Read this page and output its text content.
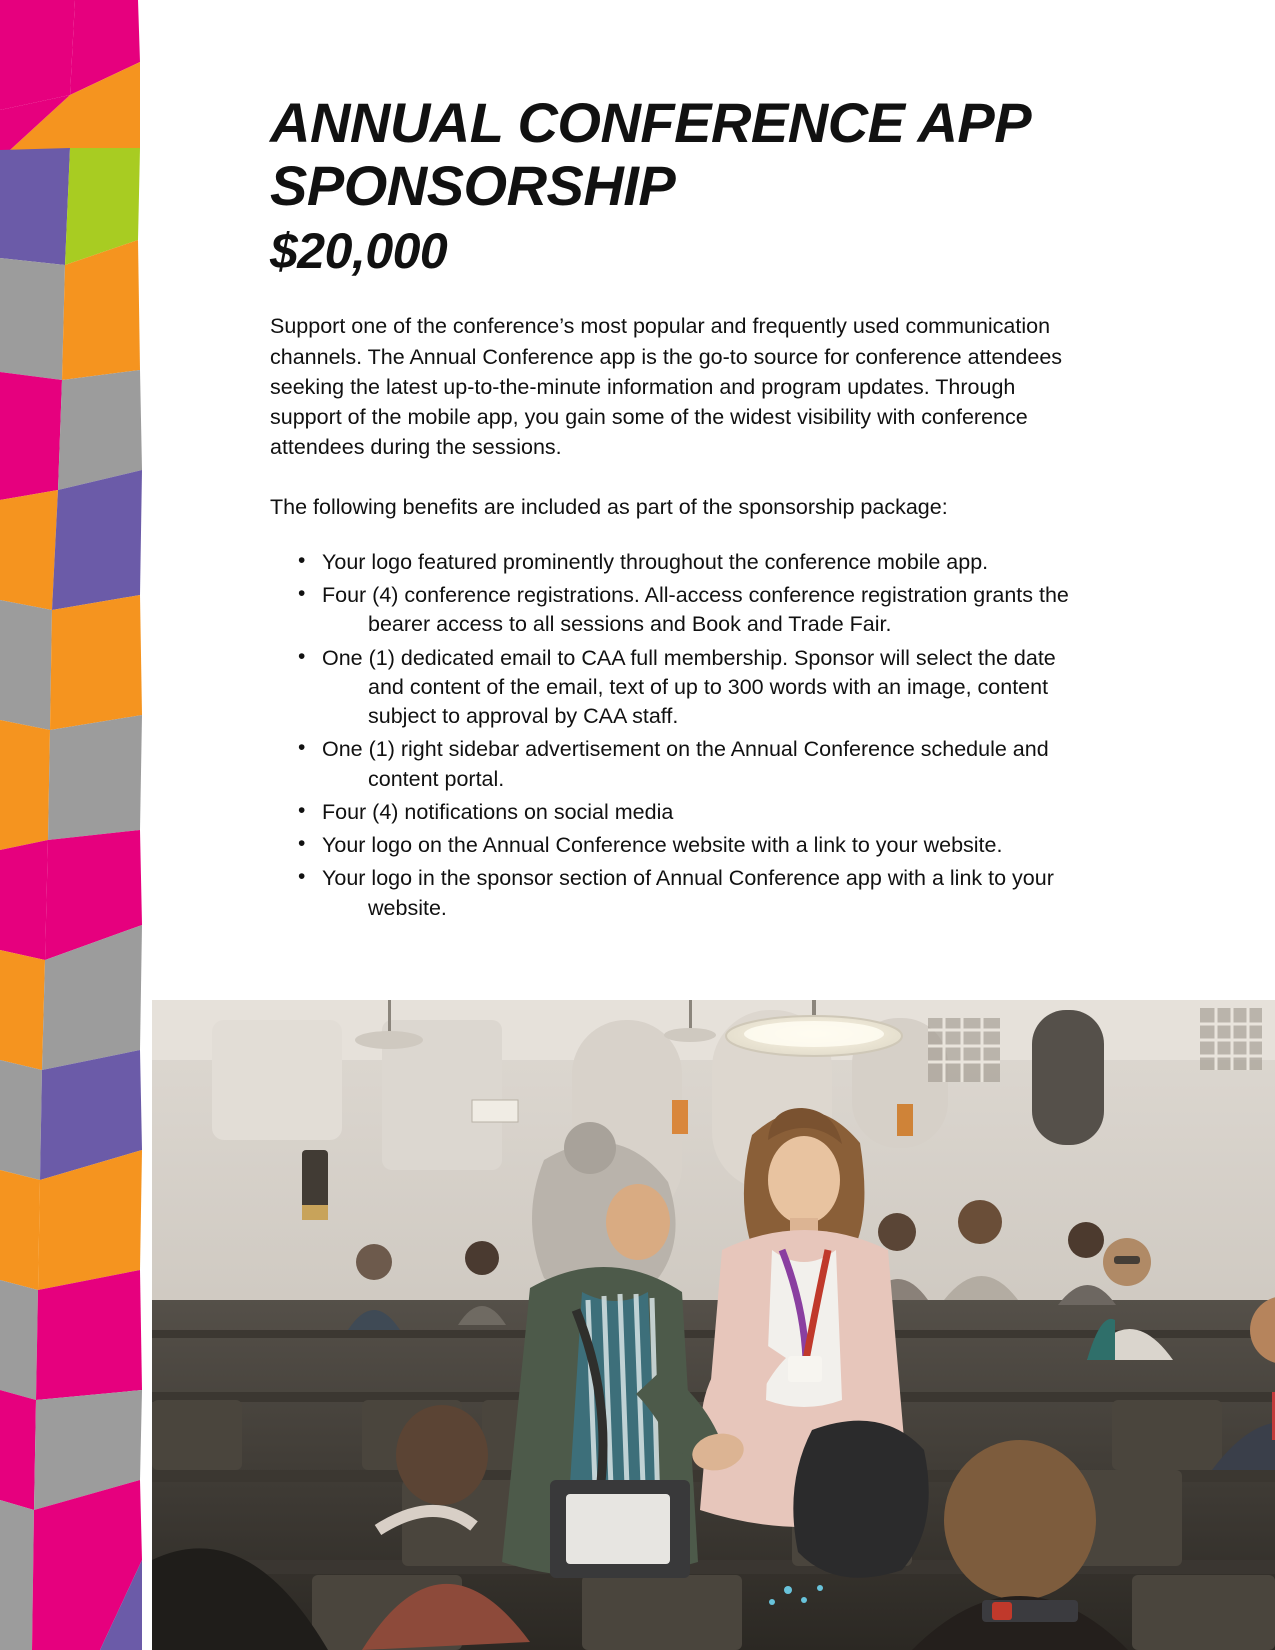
ANNUAL CONFERENCE APP
SPONSORSHIP
$20,000

Support one of the conference’s most popular and frequently used communication channels. The Annual Conference app is the go-to source for conference attendees seeking the latest up-to-the-minute information and program updates. Through support of the mobile app, you gain some of the widest visibility with conference attendees during the sessions.

The following benefits are included as part of the sponsorship package:

• Your logo featured prominently throughout the conference mobile app.
• Four (4) conference registrations. All-access conference registration grants the bearer access to all sessions and Book and Trade Fair.
• One (1) dedicated email to CAA full membership. Sponsor will select the date and content of the email, text of up to 300 words with an image, content subject to approval by CAA staff.
• One (1) right sidebar advertisement on the Annual Conference schedule and content portal.
• Four (4) notifications on social media
• Your logo on the Annual Conference website with a link to your website.
• Your logo in the sponsor section of Annual Conference app with a link to your website.
